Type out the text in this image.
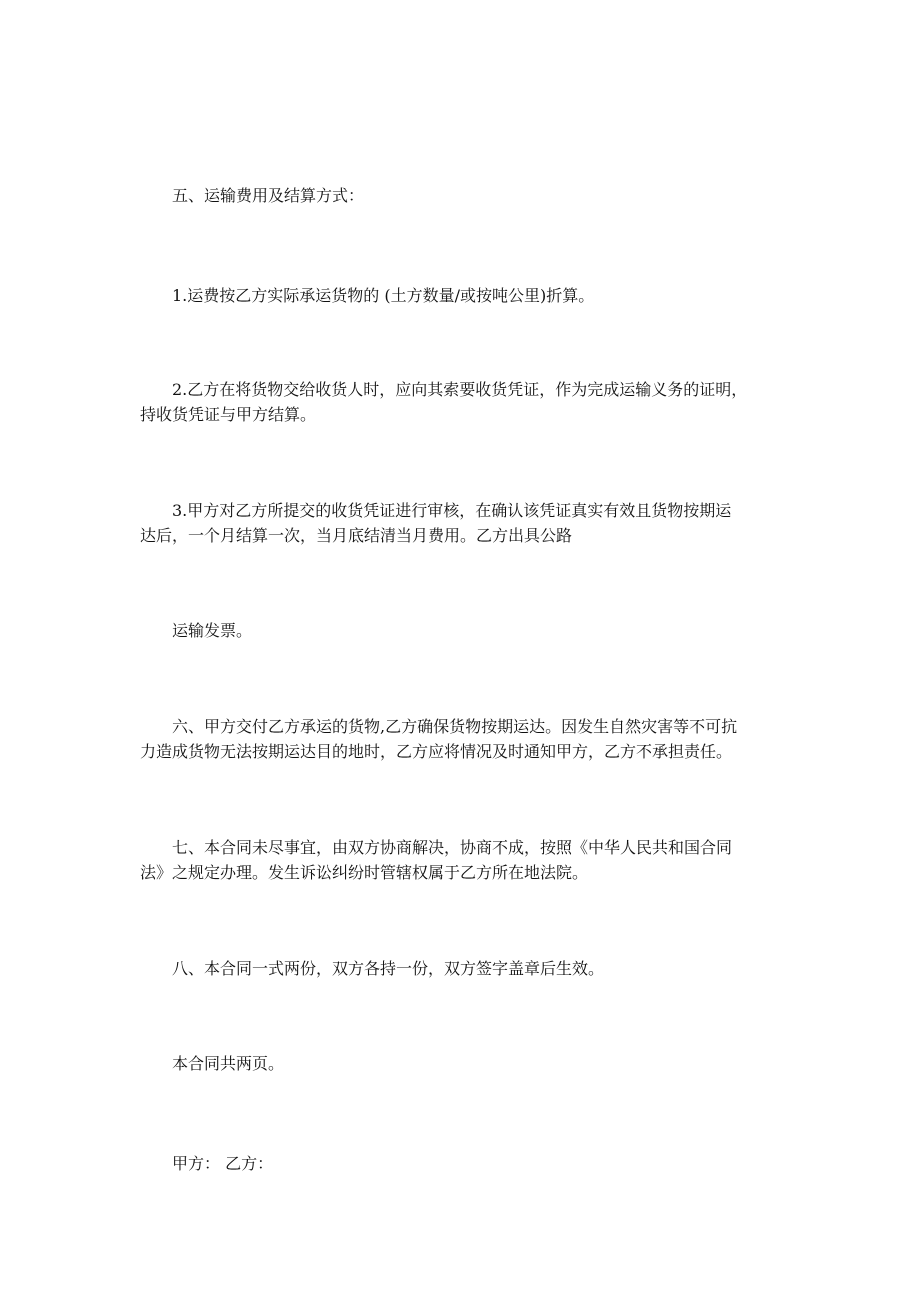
五、运输费用及结算方式：

1.运费按乙方实际承运货物的 (土方数量/或按吨公里)折算。

2.乙方在将货物交给收货人时，应向其索要收货凭证，作为完成运输义务的证明，

持收货凭证与甲方结算。

3.甲方对乙方所提交的收货凭证进行审核，在确认该凭证真实有效且货物按期运

达后，一个月结算一次，当月底结清当月费用。乙方出具公路

运输发票。

六、甲方交付乙方承运的货物,乙方确保货物按期运达。因发生自然灾害等不可抗

力造成货物无法按期运达目的地时，乙方应将情况及时通知甲方，乙方不承担责任。

七、本合同未尽事宜，由双方协商解决，协商不成，按照《中华人民共和国合同

法》之规定办理。发生诉讼纠纷时管辖权属于乙方所在地法院。

八、本合同一式两份，双方各持一份，双方签字盖章后生效。

本合同共两页。

甲方： 乙方：
